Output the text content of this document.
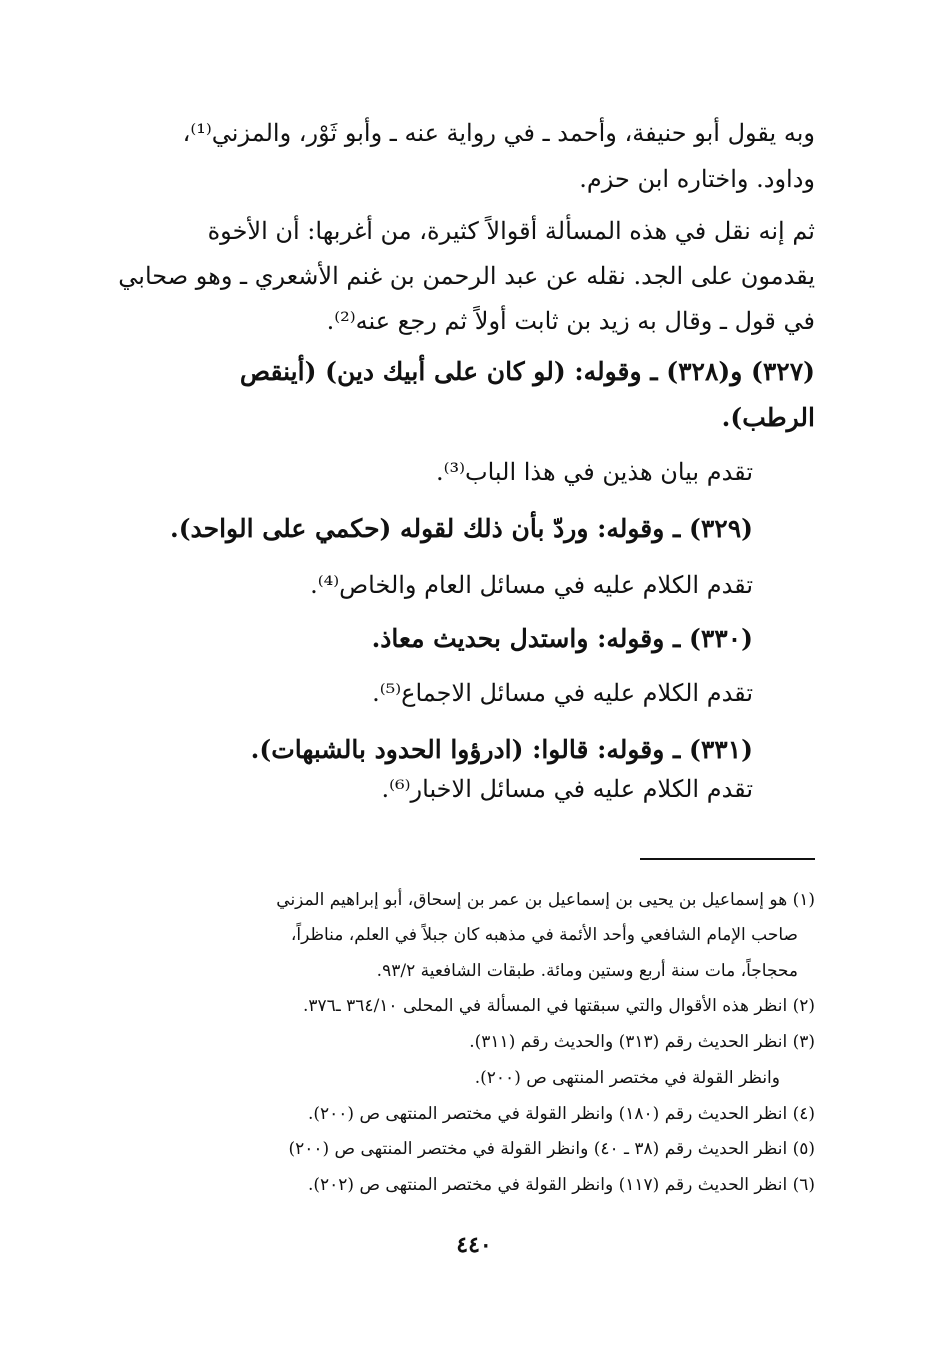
وبه يقول أبو حنيفة، وأحمد ـ في رواية عنه ـ وأبو ثَوْر، والمزني⁽¹⁾،
وداود. واختاره ابن حزم.
ثم إنه نقل في هذه المسألة أقوالاً كثيرة، من أغربها: أن الأخوة
يقدمون على الجد. نقله عن عبد الرحمن بن غنم الأشعري ـ وهو صحابي
في قول ـ وقال به زيد بن ثابت أولاً ثم رجع عنه⁽²⁾.
(٣٢٧) و(٣٢٨) ـ وقوله: (لو كان على أبيك دين) (أينقص
الرطب).
تقدم بيان هذين في هذا الباب⁽³⁾.
(٣٢٩) ـ وقوله: وردّ بأن ذلك لقوله (حكمي على الواحد).
تقدم الكلام عليه في مسائل العام والخاص⁽⁴⁾.
(٣٣٠) ـ وقوله: واستدل بحديث معاذ.
تقدم الكلام عليه في مسائل الاجماع⁽⁵⁾.
(٣٣١) ـ وقوله: قالوا: (ادرؤوا الحدود بالشبهات).
تقدم الكلام عليه في مسائل الاخبار⁽⁶⁾.
(١) هو إسماعيل بن يحيى بن إسماعيل بن عمر بن إسحاق، أبو إبراهيم المزني
صاحب الإمام الشافعي وأحد الأئمة في مذهبه كان جبلاً في العلم، مناظراً،
محجاجاً، مات سنة أربع وستين ومائة. طبقات الشافعية ٩٣/٢.
(٢) انظر هذه الأقوال والتي سبقتها في المسألة في المحلى ٣٦٤/١٠ ـ٣٧٦.
(٣) انظر الحديث رقم (٣١٣) والحديث رقم (٣١١).
وانظر القولة في مختصر المنتهى ص (٢٠٠).
(٤) انظر الحديث رقم (١٨٠) وانظر القولة في مختصر المنتهى ص (٢٠٠).
(٥) انظر الحديث رقم (٣٨ ـ ٤٠) وانظر القولة في مختصر المنتهى ص (٢٠٠)
(٦) انظر الحديث رقم (١١٧) وانظر القولة في مختصر المنتهى ص (٢٠٢).
٤٤٠
